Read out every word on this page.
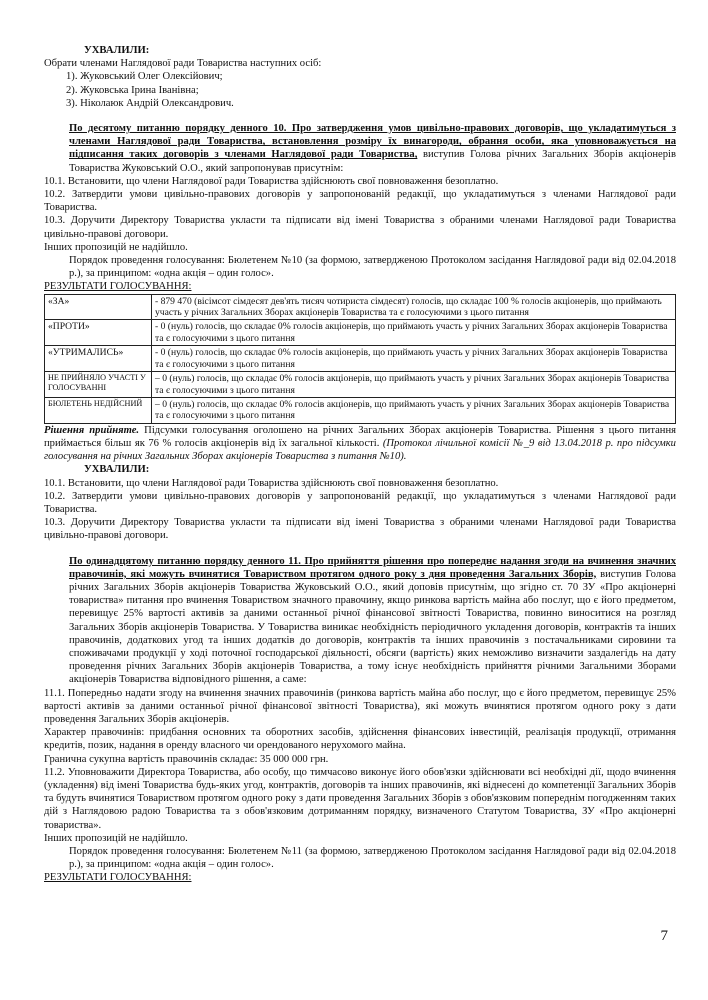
УХВАЛИЛИ:

Обрати членами Наглядової ради Товариства наступних осіб:

1). Жуковський Олег Олексійович;

2). Жуковська Ірина Іванівна;

3). Ніколаюк Андрій Олександрович.

По десятому питанню порядку денного 10. Про затвердження умов цивільно-правових договорів, що укладатимуться з членами Наглядової ради Товариства, встановлення розміру їх винагороди, обрання особи, яка уповноважується на підписання таких договорів з членами Наглядової ради Товариства, виступив Голова річних Загальних Зборів акціонерів Товариства Жуковський О.О., який запропонував присутнім:

10.1. Встановити, що члени Наглядової ради Товариства здійснюють свої повноваження безоплатно.

10.2. Затвердити умови цивільно-правових договорів у запропонованій редакції, що укладатимуться з членами Наглядової ради Товариства.

10.3. Доручити Директору Товариства укласти та підписати від імені Товариства з обраними членами Наглядової ради Товариства цивільно-правові договори.

Інших пропозицій не надійшло.

Порядок проведення голосування: Бюлетенем №10 (за формою, затвердженою Протоколом засідання Наглядової ради від 02.04.2018 р.), за принципом: «одна акція – один голос».

РЕЗУЛЬТАТИ ГОЛОСУВАННЯ:

«ЗА»	- 879 470 (вісімсот сімдесят дев'ять тисяч чотириста сімдесят) голосів, що складає 100 % голосів акціонерів, що приймають участь у річних Загальних Зборах акціонерів Товариства та є голосуючими з цього питання
«ПРОТИ»	- 0 (нуль) голосів, що складає 0% голосів акціонерів, що приймають участь у річних Загальних Зборах акціонерів Товариства та є голосуючими з цього питання
«УТРИМАЛИСЬ»	- 0 (нуль) голосів, що складає 0% голосів акціонерів, що приймають участь у річних Загальних Зборах акціонерів Товариства та є голосуючими з цього питання
НЕ ПРИЙНЯЛО УЧАСТІ У ГОЛОСУВАННІ	– 0 (нуль) голосів, що складає 0% голосів акціонерів, що приймають участь у річних Загальних Зборах акціонерів Товариства та є голосуючими з цього питання
БЮЛЕТЕНЬ НЕДІЙСНИЙ	– 0 (нуль) голосів, що складає 0% голосів акціонерів, що приймають участь у річних Загальних Зборах акціонерів Товариства та є голосуючими з цього питання

Рішення прийняте. Підсумки голосування оголошено на річних Загальних Зборах акціонерів Товариства. Рішення з цього питання приймається більш як 76 % голосів акціонерів від їх загальної кількості. (Протокол лічильної комісії №_9 від 13.04.2018 р. про підсумки голосування на річних Загальних Зборах акціонерів Товариства з питання №10).

УХВАЛИЛИ:

10.1. Встановити, що члени Наглядової ради Товариства здійснюють свої повноваження безоплатно.

10.2. Затвердити умови цивільно-правових договорів у запропонованій редакції, що укладатимуться з членами Наглядової ради Товариства.

10.3. Доручити Директору Товариства укласти та підписати від імені Товариства з обраними членами Наглядової ради Товариства цивільно-правові договори.

По одинадцятому питанню порядку денного 11. Про прийняття рішення про попереднє надання згоди на вчинення значних правочинів, які можуть вчинятися Товариством протягом одного року з дня проведення Загальних Зборів, виступив Голова річних Загальних Зборів акціонерів Товариства Жуковський О.О., який доповів присутнім, що згідно ст. 70 ЗУ «Про акціонерні товариства» питання про вчинення Товариством значного правочину, якщо ринкова вартість майна або послуг, що є його предметом, перевищує 25% вартості активів за даними останньої річної фінансової звітності Товариства, повинно виноситися на розгляд Загальних Зборів акціонерів Товариства. У Товариства виникає необхідність періодичного укладення договорів, контрактів та інших правочинів, додаткових угод та інших додатків до договорів, контрактів та інших правочинів з постачальниками сировини та споживачами продукції у ході поточної господарської діяльності, обсяги (вартість) яких неможливо визначити заздалегідь на дату проведення річних Загальних Зборів акціонерів Товариства, а тому існує необхідність прийняття річними Загальними Зборами акціонерів Товариства відповідного рішення, а саме:

11.1. Попередньо надати згоду на вчинення значних правочинів (ринкова вартість майна або послуг, що є його предметом, перевищує 25% вартості активів за даними останньої річної фінансової звітності Товариства), які можуть вчинятися протягом одного року з дати проведення Загальних Зборів акціонерів.

Характер правочинів: придбання основних та оборотних засобів, здійснення фінансових інвестицій, реалізація продукції, отримання кредитів, позик, надання в оренду власного чи орендованого нерухомого майна.

Гранична сукупна вартість правочинів складає: 35 000 000 грн.

11.2. Уповноважити Директора Товариства, або особу, що тимчасово виконує його обов'язки здійснювати всі необхідні дії, щодо вчинення (укладення) від імені Товариства будь-яких угод, контрактів, договорів та інших правочинів, які віднесені до компетенції Загальних Зборів та будуть вчинятися Товариством протягом одного року з дати проведення Загальних Зборів з обов'язковим попереднім погодженням таких дій з Наглядовою радою Товариства та з обов'язковим дотриманням порядку, визначеного Статутом Товариства, ЗУ «Про акціонерні товариства».

Інших пропозицій не надійшло.

Порядок проведення голосування: Бюлетенем №11 (за формою, затвердженою Протоколом засідання Наглядової ради від 02.04.2018 р.), за принципом: «одна акція – один голос».

РЕЗУЛЬТАТИ ГОЛОСУВАННЯ:

7
